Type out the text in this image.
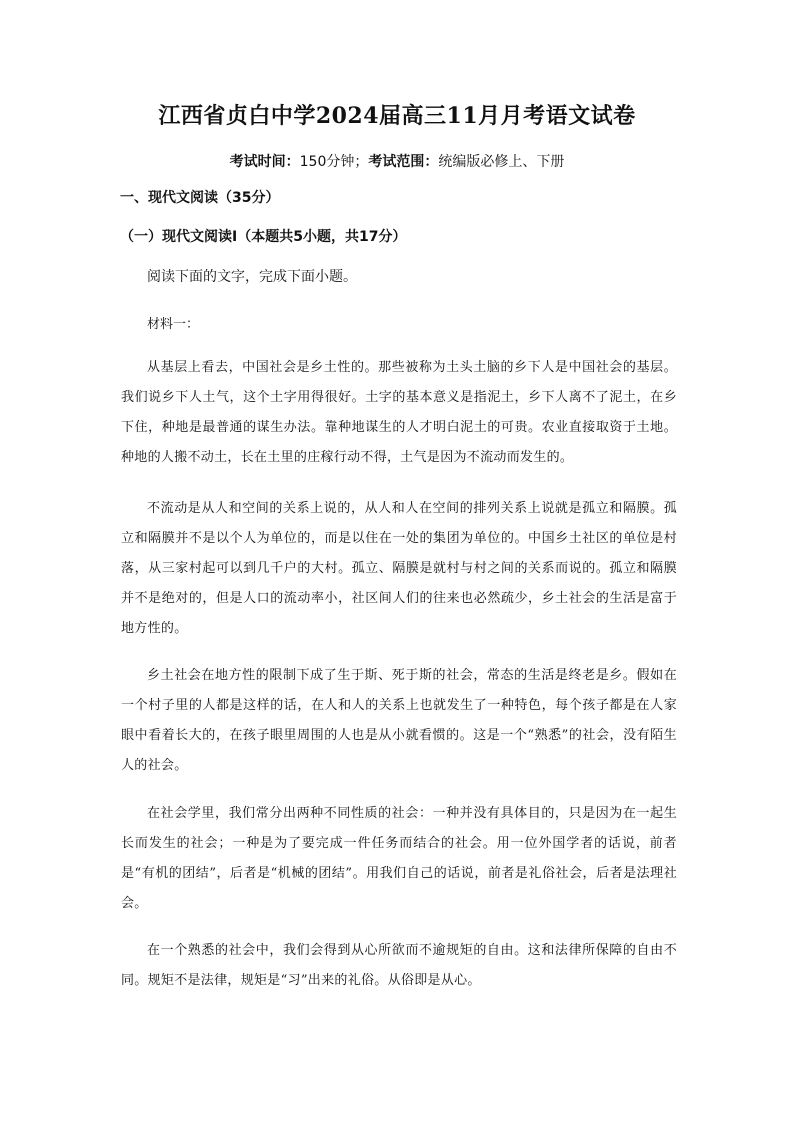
江西省贞白中学2024届高三11月月考语文试卷
考试时间：150分钟；考试范围：统编版必修上、下册
一、现代文阅读（35分）
（一）现代文阅读Ⅰ（本题共5小题，共17分）

阅读下面的文字，完成下面小题。

材料一：

从基层上看去，中国社会是乡土性的。那些被称为土头土脑的乡下人是中国社会的基层。我们说乡下人土气，这个土字用得很好。土字的基本意义是指泥土，乡下人离不了泥土，在乡下住，种地是最普通的谋生办法。靠种地谋生的人才明白泥土的可贵。农业直接取资于土地。种地的人搬不动土，长在土里的庄稼行动不得，土气是因为不流动而发生的。

不流动是从人和空间的关系上说的，从人和人在空间的排列关系上说就是孤立和隔膜。孤立和隔膜并不是以个人为单位的，而是以住在一处的集团为单位的。中国乡土社区的单位是村落，从三家村起可以到几千户的大村。孤立、隔膜是就村与村之间的关系而说的。孤立和隔膜并不是绝对的，但是人口的流动率小，社区间人们的往来也必然疏少，乡土社会的生活是富于地方性的。

乡土社会在地方性的限制下成了生于斯、死于斯的社会，常态的生活是终老是乡。假如在一个村子里的人都是这样的话，在人和人的关系上也就发生了一种特色，每个孩子都是在人家眼中看着长大的，在孩子眼里周围的人也是从小就看惯的。这是一个“熟悉”的社会，没有陌生人的社会。

在社会学里，我们常分出两种不同性质的社会：一种并没有具体目的，只是因为在一起生长而发生的社会；一种是为了要完成一件任务而结合的社会。用一位外国学者的话说，前者是“有机的团结”，后者是“机械的团结”。用我们自己的话说，前者是礼俗社会，后者是法理社会。

在一个熟悉的社会中，我们会得到从心所欲而不逾规矩的自由。这和法律所保障的自由不同。规矩不是法律，规矩是“习”出来的礼俗。从俗即是从心。
